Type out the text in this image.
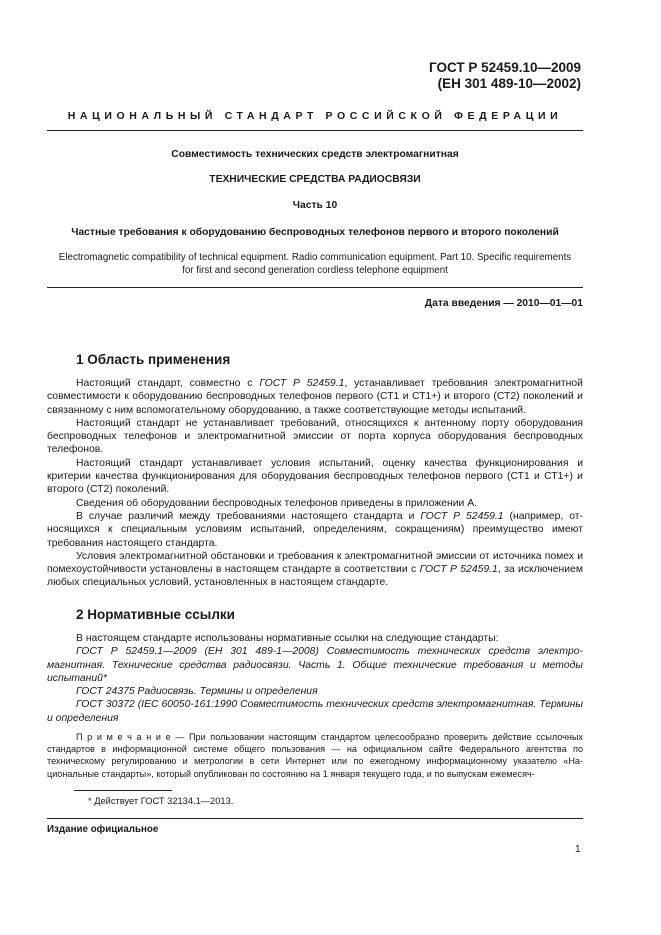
ГОСТ Р 52459.10—2009
(ЕН 301 489-10—2002)
НАЦИОНАЛЬНЫЙ СТАНДАРТ РОССИЙСКОЙ ФЕДЕРАЦИИ
Совместимость технических средств электромагнитная
ТЕХНИЧЕСКИЕ СРЕДСТВА РАДИОСВЯЗИ
Часть 10
Частные требования к оборудованию беспроводных телефонов первого и второго поколений
Electromagnetic compatibility of technical equipment. Radio communication equipment. Part 10. Specific requirements
for first and second generation cordless telephone equipment
Дата введения — 2010—01—01
1 Область применения

Настоящий стандарт, совместно с ГОСТ Р 52459.1, устанавливает требования электромагнитной совместимости к оборудованию беспроводных телефонов первого (СТ1 и СТ1+) и второго (СТ2) поколений и связанному с ним вспомогательному оборудованию, а также соответствующие методы испытаний.

Настоящий стандарт не устанавливает требований, относящихся к антенному порту оборудования беспроводных телефонов и электромагнитной эмиссии от порта корпуса оборудования беспроводных телефонов.

Настоящий стандарт устанавливает условия испытаний, оценку качества функционирования и критерии качества функционирования для оборудования беспроводных телефонов первого (СТ1 и СТ1+) и второго (СТ2) поколений.

Сведения об оборудовании беспроводных телефонов приведены в приложении А.

В случае различий между требованиями настоящего стандарта и ГОСТ Р 52459.1 (например, относящихся к специальным условиям испытаний, определениям, сокращениям) преимущество имеют требования настоящего стандарта.

Условия электромагнитной обстановки и требования к электромагнитной эмиссии от источника помех и помехоустойчивости установлены в настоящем стандарте в соответствии с ГОСТ Р 52459.1, за исключением любых специальных условий, установленных в настоящем стандарте.

2 Нормативные ссылки

В настоящем стандарте использованы нормативные ссылки на следующие стандарты:

ГОСТ Р 52459.1—2009 (ЕН 301 489-1—2008) Совместимость технических средств электромагнитная. Технические средства радиосвязи. Часть 1. Общие технические требования и методы испытаний*

ГОСТ 24375 Радиосвязь. Термины и определения

ГОСТ 30372 (IEC 60050-161:1990 Совместимость технических средств электромагнитная. Термины и определения

П р и м е ч а н и е — При пользовании настоящим стандартом целесообразно проверить действие ссылочных стандартов в информационной системе общего пользования — на официальном сайте Федерального агентства по техническому регулированию и метрологии в сети Интернет или по ежегодному информационному указателю «Национальные стандарты», который опубликован по состоянию на 1 января текущего года, и по выпускам ежемесяч-

* Действует ГОСТ 32134.1—2013.
Издание официальное
1
